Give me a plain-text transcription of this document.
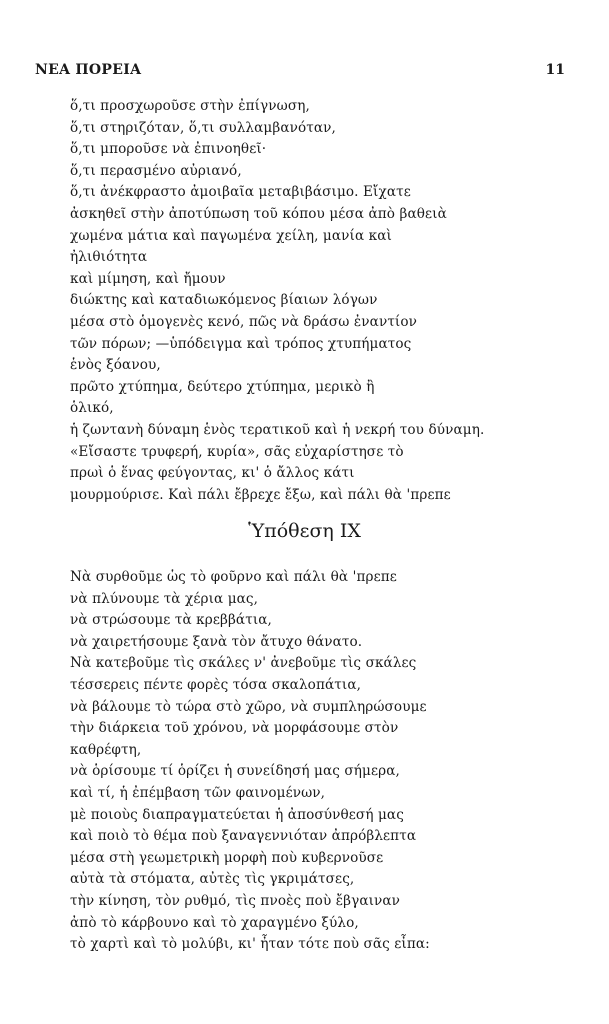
ΝΕΑ ΠΟΡΕΙΑ	11
ὅ,τι προσχωροῦσε στὴν ἐπίγνωση,
ὅ,τι στηριζόταν, ὅ,τι συλλαμβανόταν,
ὅ,τι μποροῦσε νὰ ἐπινοηθεῖ·
ὅ,τι περασμένο αὐριανό,
ὅ,τι ἀνέκφραστο ἀμοιβαῖα μεταβιβάσιμο. Εἴχατε
ἀσκηθεῖ στὴν ἀποτύπωση τοῦ κόπου μέσα ἀπὸ βαθειὰ
χωμένα μάτια καὶ παγωμένα χείλη, μανία καὶ
ἠλιθιότητα
καὶ μίμηση, καὶ ἤμουν
διώκτης καὶ καταδιωκόμενος βίαιων λόγων
μέσα στὸ ὁμογενὲς κενό, πῶς νὰ δράσω ἐναντίον
τῶν πόρων; —ὑπόδειγμα καὶ τρόπος χτυπήματος
ἑνὸς ξόανου,
πρῶτο χτύπημα, δεύτερο χτύπημα, μερικὸ ἢ
ὁλικό,
ἡ ζωντανὴ δύναμη ἑνὸς τερατικοῦ καὶ ἡ νεκρή του δύναμη.
«Εἴσαστε τρυφερή, κυρία», σᾶς εὐχαρίστησε τὸ
πρωὶ ὁ ἕνας φεύγοντας, κι' ὁ ἄλλος κάτι
μουρμούρισε. Καὶ πάλι ἔβρεχε ἔξω, καὶ πάλι θὰ 'πρεπε
Ὑπόθεση IX
Νὰ συρθοῦμε ὡς τὸ φοῦρνο καὶ πάλι θὰ 'πρεπε
νὰ πλύνουμε τὰ χέρια μας,
νὰ στρώσουμε τὰ κρεββάτια,
νὰ χαιρετήσουμε ξανὰ τὸν ἄτυχο θάνατο.
Νὰ κατεβοῦμε τὶς σκάλες ν' ἀνεβοῦμε τὶς σκάλες
τέσσερεις πέντε φορὲς τόσα σκαλοπάτια,
νὰ βάλουμε τὸ τώρα στὸ χῶρο, νὰ συμπληρώσουμε
τὴν διάρκεια τοῦ χρόνου, νὰ μορφάσουμε στὸν
καθρέφτη,
νὰ ὁρίσουμε τί ὁρίζει ἡ συνείδησή μας σήμερα,
καὶ τί, ἡ ἐπέμβαση τῶν φαινομένων,
μὲ ποιοὺς διαπραγματεύεται ἡ ἀποσύνθεσή μας
καὶ ποιὸ τὸ θέμα ποὺ ξαναγεννιόταν ἀπρόβλεπτα
μέσα στὴ γεωμετρικὴ μορφὴ ποὺ κυβερνοῦσε
αὐτὰ τὰ στόματα, αὐτὲς τὶς γκριμάτσες,
τὴν κίνηση, τὸν ρυθμό, τὶς πνοὲς ποὺ ἔβγαιναν
ἀπὸ τὸ κάρβουνο καὶ τὸ χαραγμένο ξύλο,
τὸ χαρτὶ καὶ τὸ μολύβι, κι' ἦταν τότε ποὺ σᾶς εἶπα:
